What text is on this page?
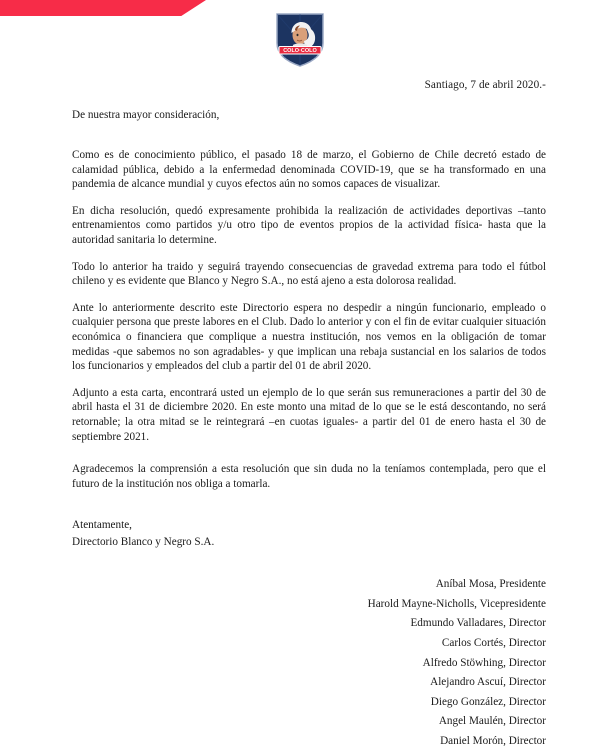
COLO·COLO

Santiago, 7 de abril 2020.-

De nuestra mayor consideración,

Como es de conocimiento público, el pasado 18 de marzo, el Gobierno de Chile decretó estado de calamidad pública, debido a la enfermedad denominada COVID-19, que se ha transformado en una pandemia de alcance mundial y cuyos efectos aún no somos capaces de visualizar.

En dicha resolución, quedó expresamente prohibida la realización de actividades deportivas –tanto entrenamientos como partidos y/u otro tipo de eventos propios de la actividad física- hasta que la autoridad sanitaria lo determine.

Todo lo anterior ha traido y seguirá trayendo consecuencias de gravedad extrema para todo el fútbol chileno y es evidente que Blanco y Negro S.A., no está ajeno a esta dolorosa realidad.

Ante lo anteriormente descrito este Directorio espera no despedir a ningún funcionario, empleado o cualquier persona que preste labores en el Club. Dado lo anterior y con el fin de evitar cualquier situación económica o financiera que complique a nuestra institución, nos vemos en la obligación de tomar medidas -que sabemos no son agradables- y que implican una rebaja sustancial en los salarios de todos los funcionarios y empleados del club a partir del 01 de abril 2020.

Adjunto a esta carta, encontrará usted un ejemplo de lo que serán sus remuneraciones a partir del 30 de abril hasta el 31 de diciembre 2020. En este monto una mitad de lo que se le está descontando, no será retornable; la otra mitad se le reintegrará –en cuotas iguales- a partir del 01 de enero hasta el 30 de septiembre 2021.

Agradecemos la comprensión a esta resolución que sin duda no la teníamos contemplada, pero que el futuro de la institución nos obliga a tomarla.

Atentamente,

Directorio Blanco y Negro S.A.

Aníbal Mosa, Presidente

Harold Mayne-Nicholls, Vicepresidente

Edmundo Valladares, Director

Carlos Cortés, Director

Alfredo Stöwhing, Director

Alejandro Ascuí, Director

Diego González, Director

Angel Maulén, Director

Daniel Morón, Director
